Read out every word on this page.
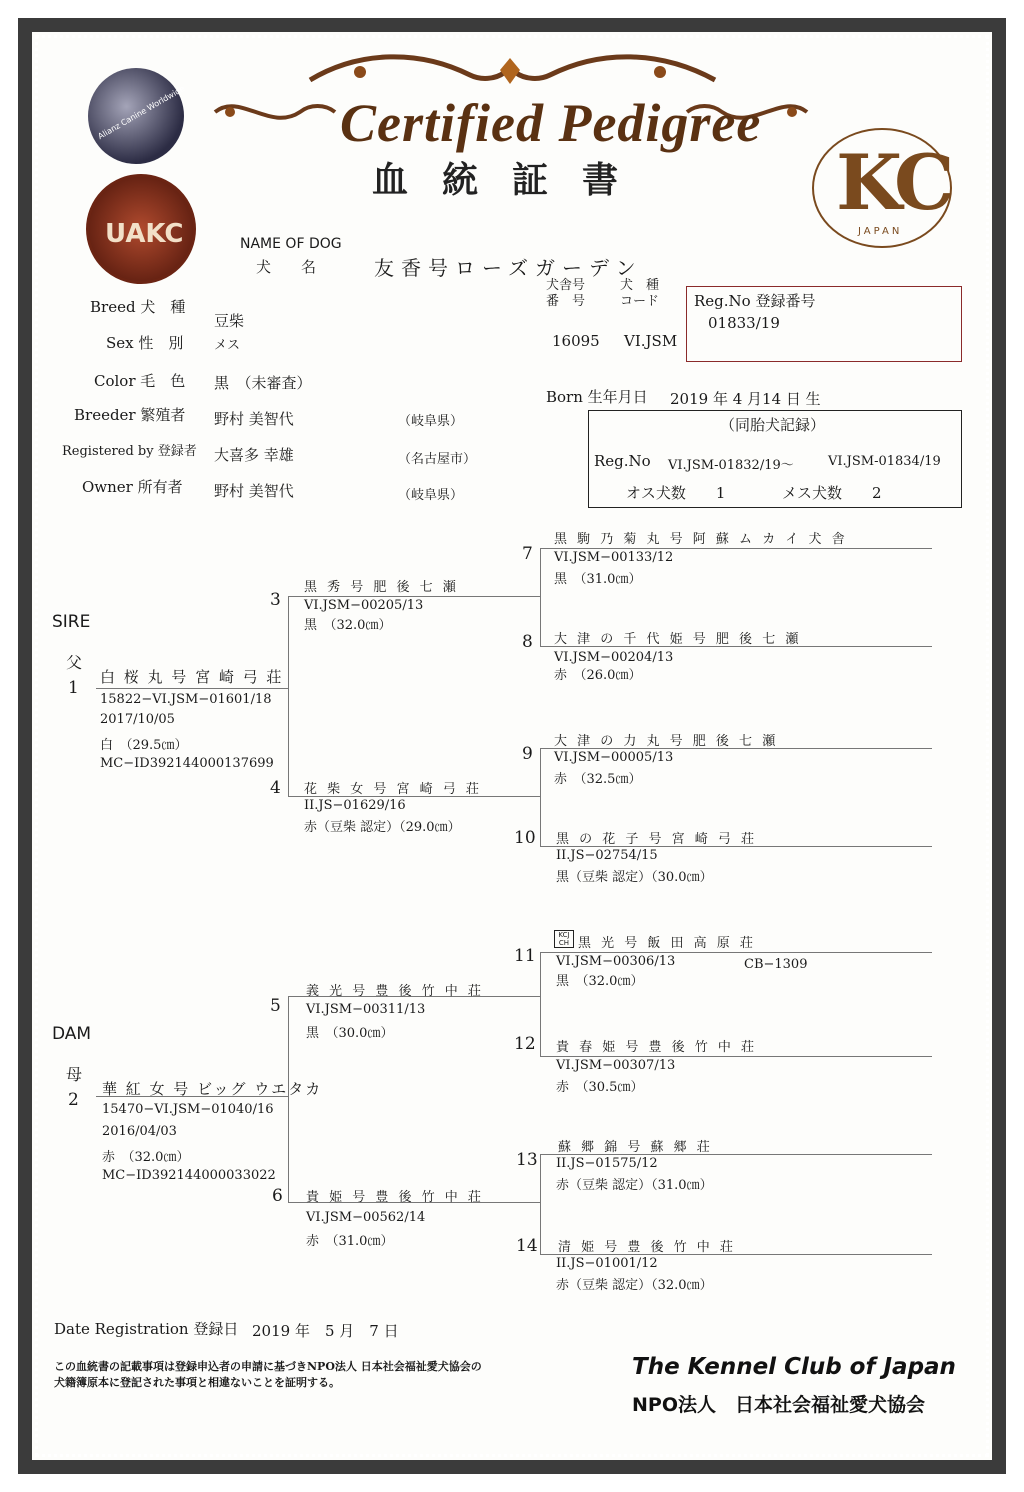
Certified Pedigree
血統証書
Alianz Canine Worldwide
UAKC
KC
JAPAN
NAME OF DOG
犬　　名	友香号ローズガーデン
犬舎号
番　号
犬　種
コード
16095 VI.JSM
Reg.No 登録番号
01833/19
Breed 犬　種
豆柴
Sex 性　別 メス
Color 毛　色 黒　（未審査）
Born 生年月日 2019 年 4 月14 日 生
Breeder 繁殖者 野村 美智代	（岐阜県）
Registered by 登録者 大喜多 幸雄	（名古屋市）
Owner 所有者 野村 美智代	（岐阜県）
（同胎犬記録）
Reg.No VI.JSM-01832/19～	VI.JSM-01834/19
オス犬数　　1	メス犬数　　2
SIRE
父
DAM
母
1
白 桜 丸 号 宮 崎 弓 荘
15822−VI.JSM−01601/18
2017/10/05
白　（29.5㎝）
MC−ID392144000137699
2
華 紅 女 号 ビッグ ウエタカ
15470−VI.JSM−01040/16
2016/04/03
赤　（32.0㎝）
MC−ID392144000033022
3
黒 秀 号 肥 後 七 瀬
VI.JSM−00205/13
黒　（32.0㎝）
4 花 柴 女 号 宮 崎 弓 荘
II.JS−01629/16
赤（豆柴 認定）（29.0㎝）
5
義 光 号 豊 後 竹 中 荘
VI.JSM−00311/13
黒　（30.0㎝）
6 貴 姫 号 豊 後 竹 中 荘
VI.JSM−00562/14
赤　（31.0㎝）
7
黒 駒 乃 菊 丸 号 阿 蘇 ム カ イ 犬 舎
VI.JSM−00133/12
黒　（31.0㎝）
8 大 津 の 千 代 姫 号 肥 後 七 瀬
VI.JSM−00204/13
赤　（26.0㎝）
9
大 津 の 力 丸 号 肥 後 七 瀬
VI.JSM−00005/13
赤　（32.5㎝）
10 黒 の 花 子 号 宮 崎 弓 荘
II.JS−02754/15
黒（豆柴 認定）（30.0㎝）
11
KCJ CH 黒 光 号 飯 田 高 原 荘
VI.JSM−00306/13	CB−1309
黒　（32.0㎝）
12 貴 春 姫 号 豊 後 竹 中 荘
VI.JSM−00307/13
赤　（30.5㎝）
13
蘇 郷 錦 号 蘇 郷 荘
II.JS−01575/12
赤（豆柴 認定）（31.0㎝）
14 清 姫 号 豊 後 竹 中 荘
II.JS−01001/12
赤（豆柴 認定）（32.0㎝）
Date Registration 登録日 2019 年　5 月　7 日
この血統書の記載事項は登録申込者の申請に基づきNPO法人 日本社会福祉愛犬協会の
犬籍簿原本に登記された事項と相違ないことを証明する。
The Kennel Club of Japan
NPO法人　日本社会福祉愛犬協会
